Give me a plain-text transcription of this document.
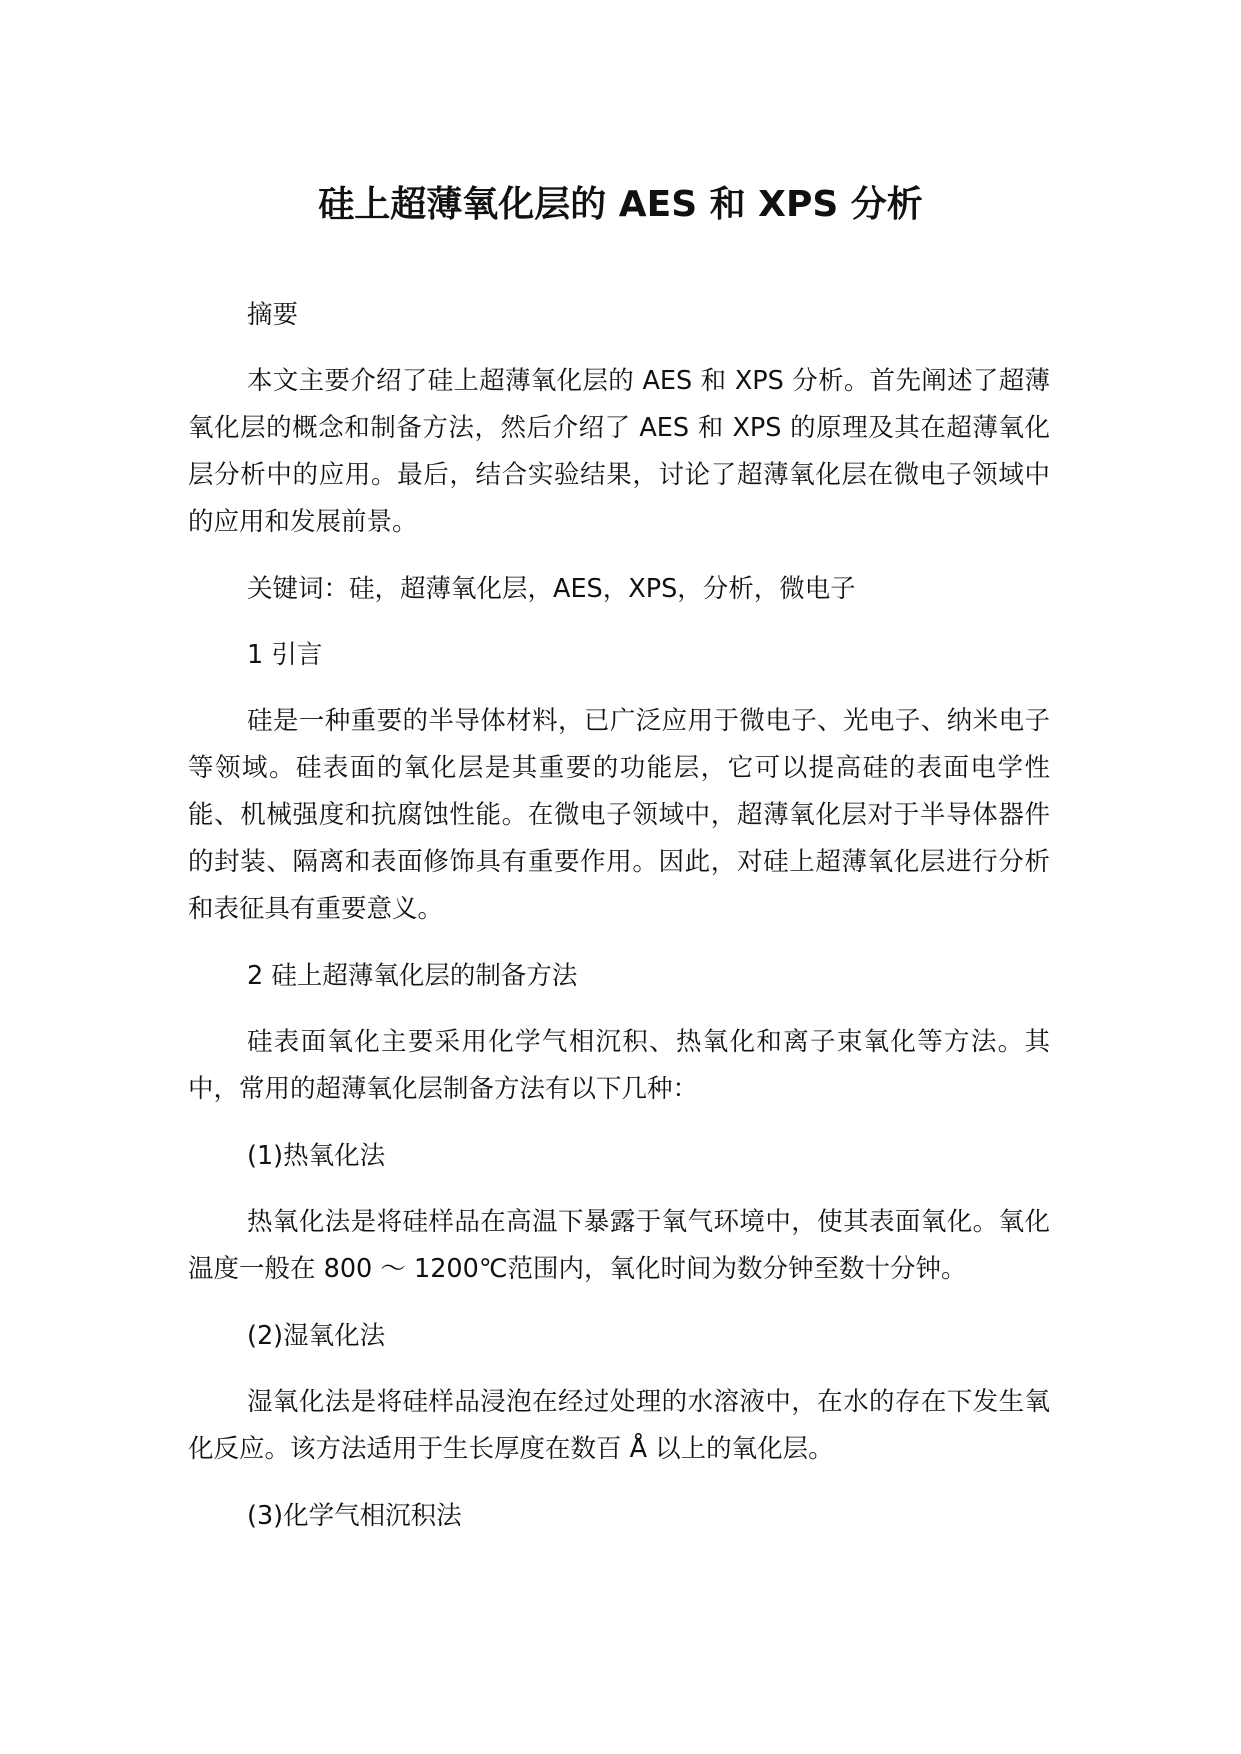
硅上超薄氧化层的 AES 和 XPS 分析

摘要

本文主要介绍了硅上超薄氧化层的 AES 和 XPS 分析。首先阐述了超薄氧化层的概念和制备方法，然后介绍了 AES 和 XPS 的原理及其在超薄氧化层分析中的应用。最后，结合实验结果，讨论了超薄氧化层在微电子领域中的应用和发展前景。

关键词：硅，超薄氧化层，AES，XPS，分析，微电子

1 引言

硅是一种重要的半导体材料，已广泛应用于微电子、光电子、纳米电子等领域。硅表面的氧化层是其重要的功能层，它可以提高硅的表面电学性能、机械强度和抗腐蚀性能。在微电子领域中，超薄氧化层对于半导体器件的封装、隔离和表面修饰具有重要作用。因此，对硅上超薄氧化层进行分析和表征具有重要意义。

2 硅上超薄氧化层的制备方法

硅表面氧化主要采用化学气相沉积、热氧化和离子束氧化等方法。其中，常用的超薄氧化层制备方法有以下几种：

(1)热氧化法

热氧化法是将硅样品在高温下暴露于氧气环境中，使其表面氧化。氧化温度一般在 800 ～ 1200℃范围内，氧化时间为数分钟至数十分钟。

(2)湿氧化法

湿氧化法是将硅样品浸泡在经过处理的水溶液中，在水的存在下发生氧化反应。该方法适用于生长厚度在数百 Å 以上的氧化层。

(3)化学气相沉积法
